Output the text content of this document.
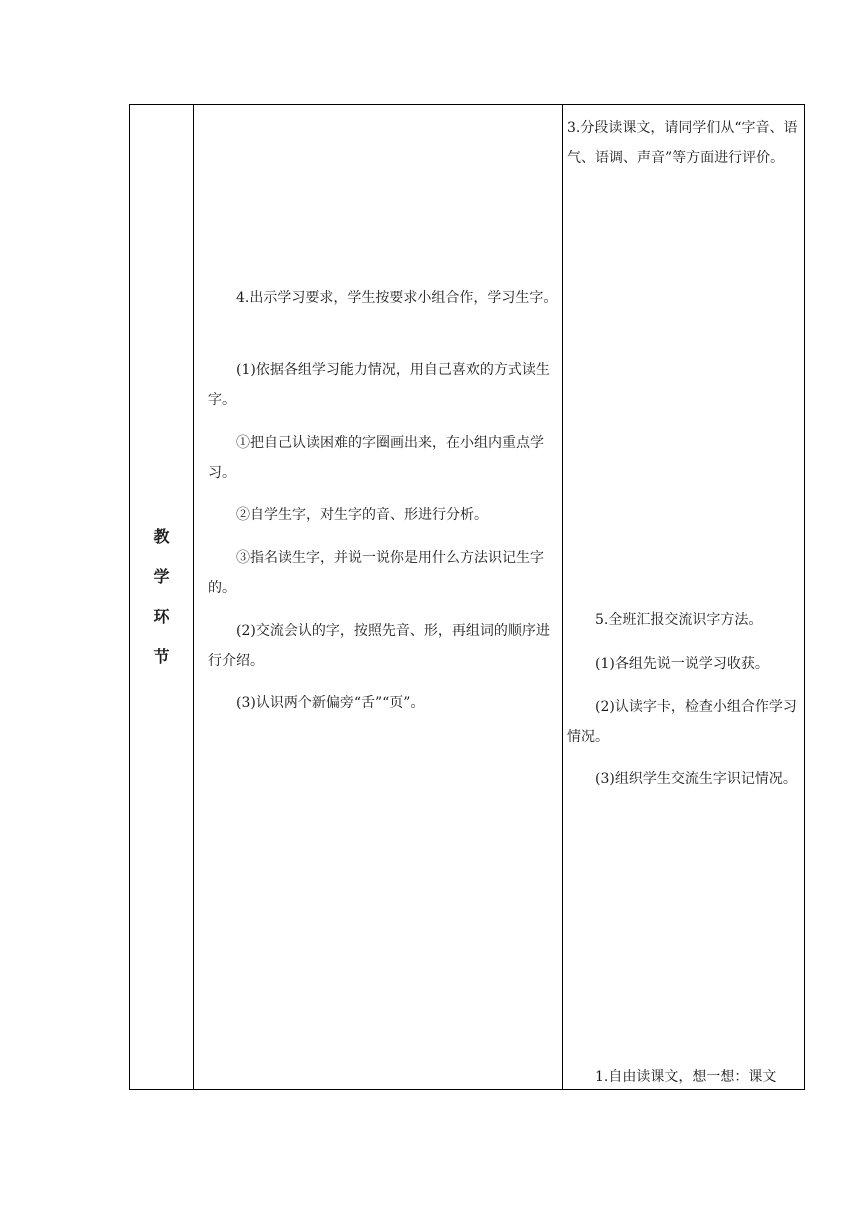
教
学
环
节

4.出示学习要求，学生按要求小组合作，学习生字。

(1)依据各组学习能力情况，用自己喜欢的方式读生字。

①把自己认读困难的字圈画出来，在小组内重点学习。

②自学生字，对生字的音、形进行分析。

③指名读生字，并说一说你是用什么方法识记生字的。

(2)交流会认的字，按照先音、形，再组词的顺序进行介绍。

(3)认识两个新偏旁“舌”“页”。

3.分段读课文，请同学们从“字音、语气、语调、声音”等方面进行评价。

5.全班汇报交流识字方法。

(1)各组先说一说学习收获。

(2)认读字卡，检查小组合作学习情况。

(3)组织学生交流生字识记情况。

1.自由读课文，想一想：课文
